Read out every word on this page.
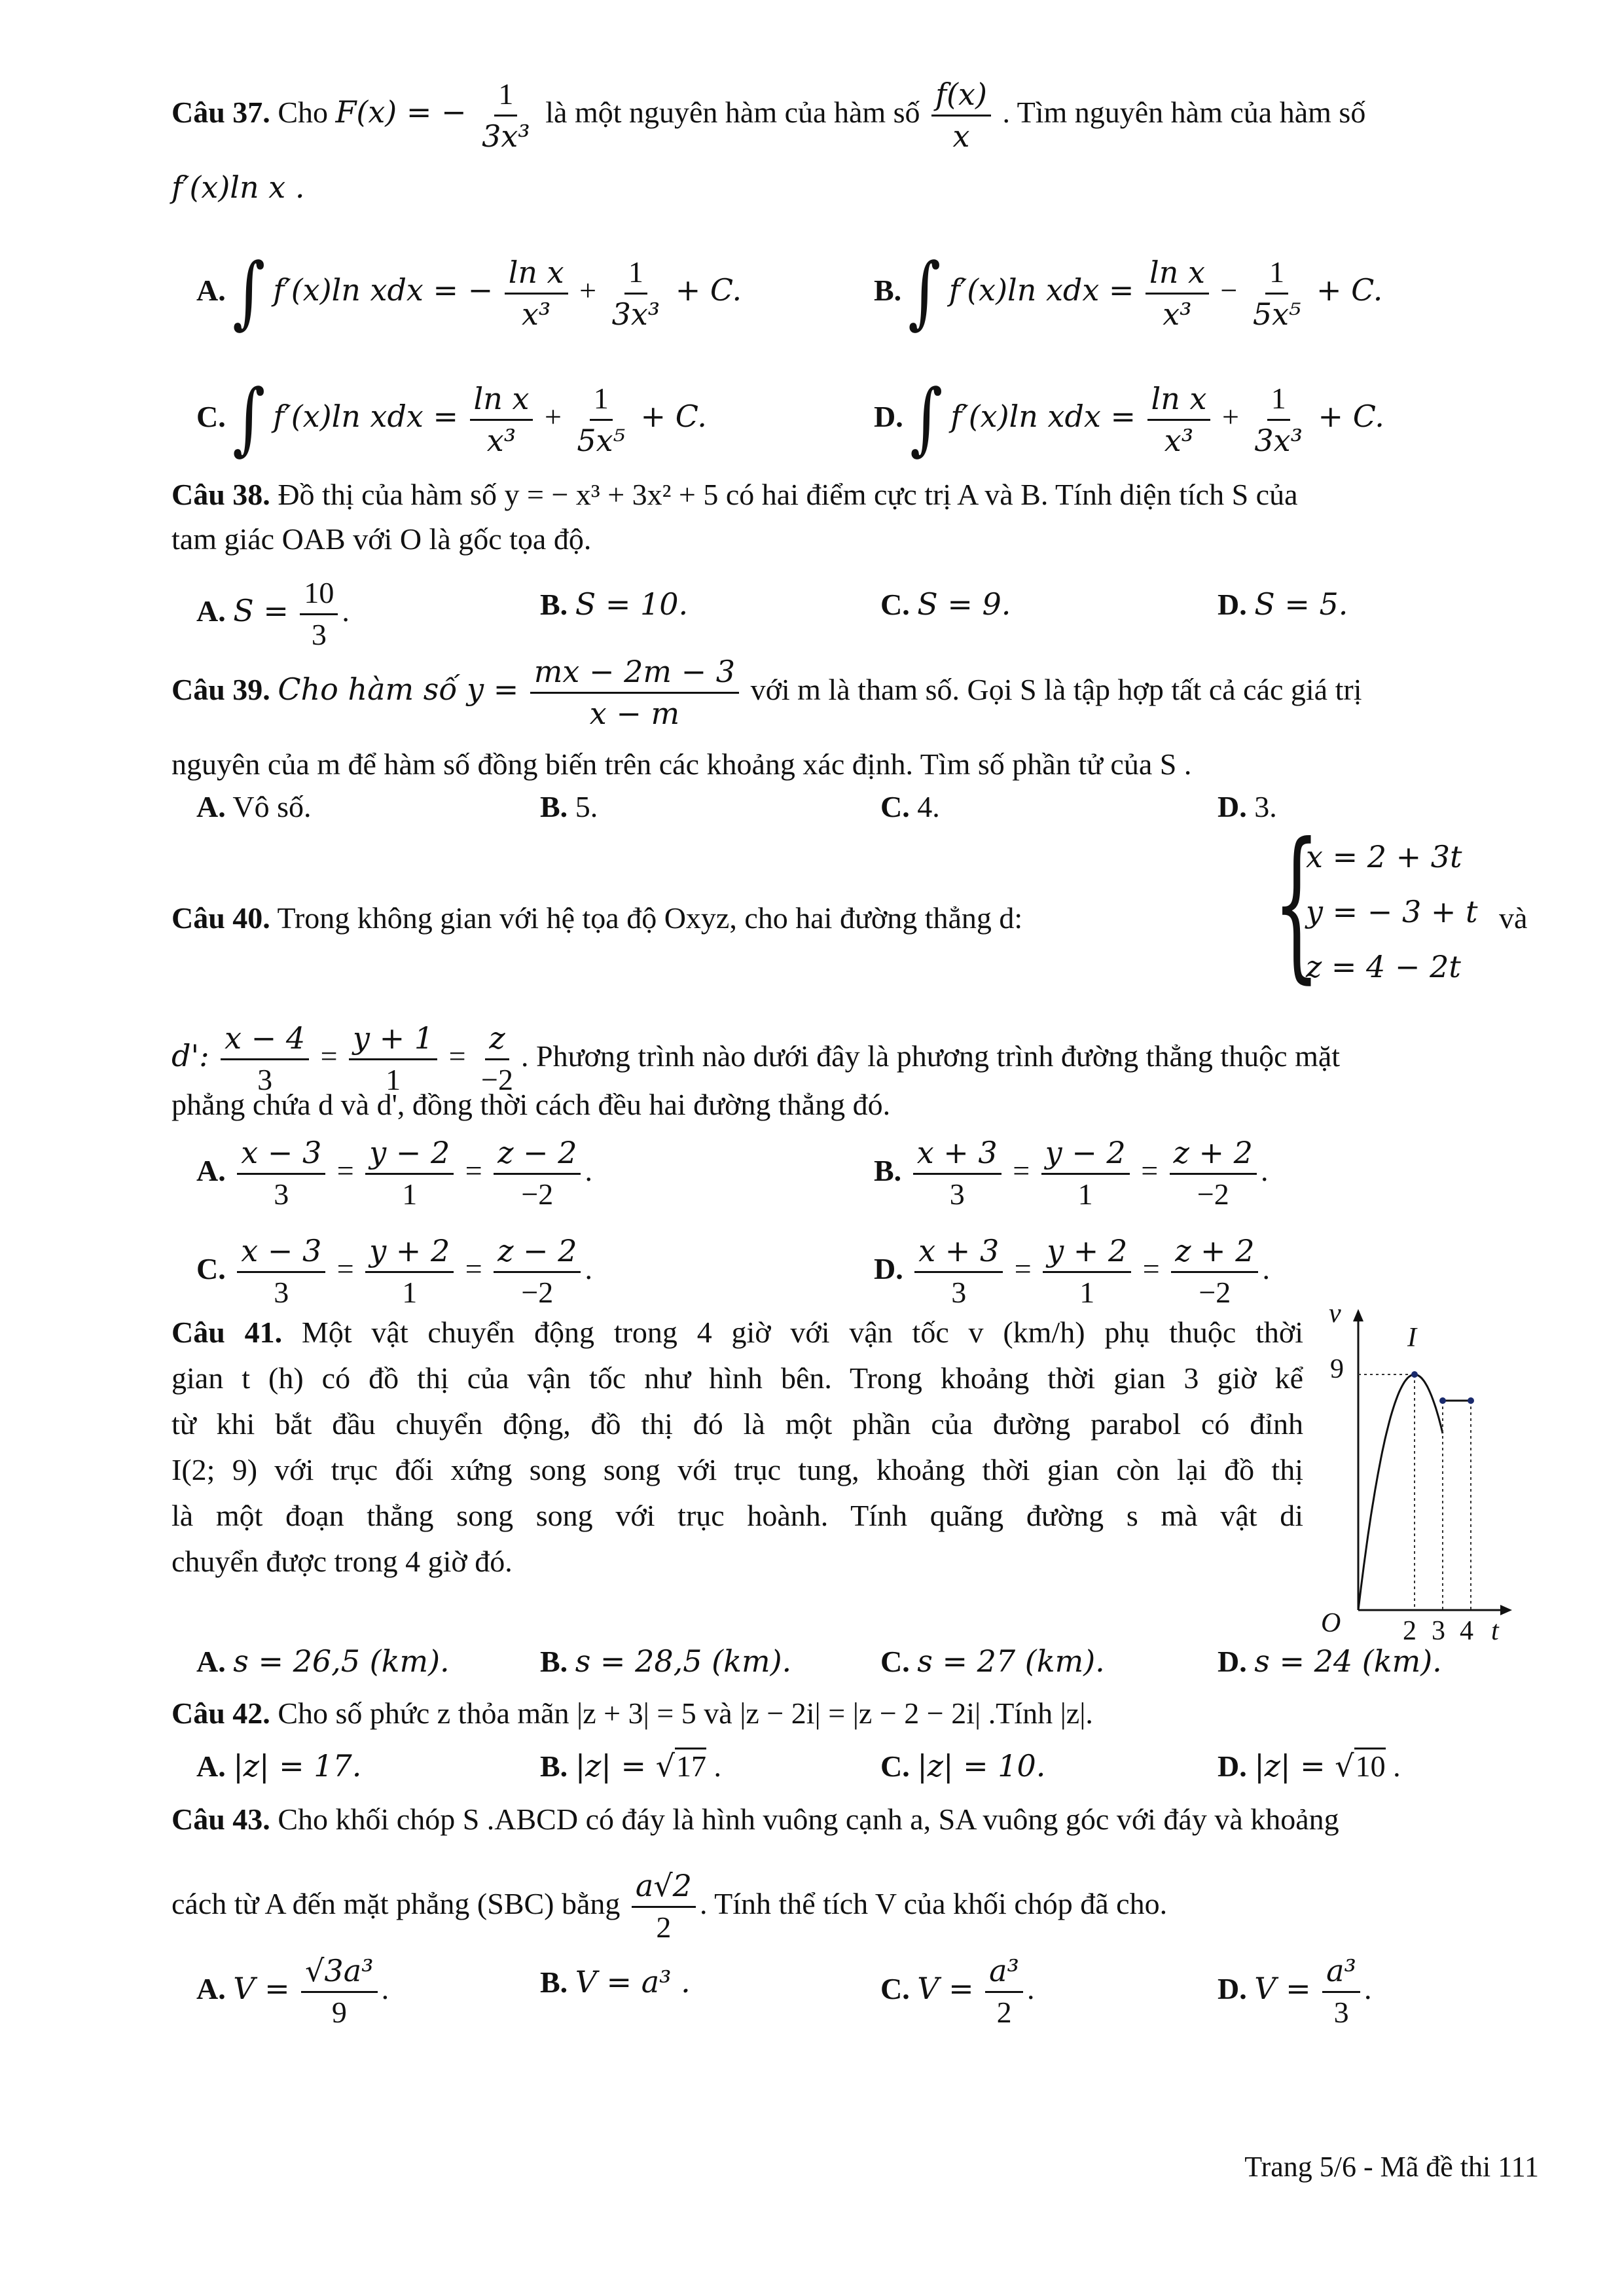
Câu 37. Cho F(x) = − $\frac{1}{\text{3x³}}$ là một nguyên hàm của hàm số $\frac{f(x)}{x}$ . Tìm nguyên hàm của hàm số
f′(x)ln x .
A.∫ f′(x)ln xdx = − $\frac{\text{ln x}}{\text{x³}} + \frac{1}{\text{3x³}} + C$.	B.∫ f′(x)ln xdx = $\frac{\text{ln x}}{\text{x³}} - \frac{1}{\text{5x⁵}} + C$.
C.∫ f′(x)ln xdx = $\frac{\text{ln x}}{\text{x³}} + \frac{1}{\text{5x⁵}} + C$.	D.∫ f′(x)ln xdx = $\frac{\text{ln x}}{\text{x³}} + \frac{1}{\text{3x³}} + C$.
Câu 38. Đồ thị của hàm số y = − x³ + 3x² + 5 có hai điểm cực trị A và B. Tính diện tích S của
tam giác OAB với O là gốc tọa độ.
A. $S = \frac{10}{3}$ .	B. S = 10.	C. S = 9.	D. S = 5.
Câu 39. Cho hàm số $y = \frac{mx - 2m - 3}{x - m}$ với m là tham số. Gọi S là tập hợp tất cả các giá trị
nguyên của m để hàm số đồng biến trên các khoảng xác định. Tìm số phần tử của S .
A. Vô số.	B. 5.	C. 4.	D. 3.
Câu 40. Trong không gian với hệ tọa độ Oxyz, cho hai đường thẳng d:	{
x = 2 + 3t
y = − 3 + t
z = 4 − 2t
và
d': $\frac{x - 4}{3} = \frac{y + 1}{1} = \frac{z}{-2}$ . Phương trình nào dưới đây là phương trình đường thẳng thuộc mặt
phẳng chứa d và d', đồng thời cách đều hai đường thẳng đó.
A. $\frac{x - 3}{3} = \frac{y - 2}{1} = \frac{z - 2}{-2}$ .	B. $\frac{x + 3}{3} = \frac{y - 2}{1} = \frac{z + 2}{-2}$ .
C. $\frac{x - 3}{3} = \frac{y + 2}{1} = \frac{z - 2}{-2}$ .	D. $\frac{x + 3}{3} = \frac{y + 2}{1} = \frac{z + 2}{-2}$ .
Câu 41. Một vật chuyển động trong 4 giờ với vận tốc v (km/h) phụ thuộc thời
gian t (h) có đồ thị của vận tốc như hình bên. Trong khoảng thời gian 3 giờ kể
từ khi bắt đầu chuyển động, đồ thị đó là một phần của đường parabol có đỉnh
I(2; 9) với trục đối xứng song song với trục tung, khoảng thời gian còn lại đồ thị
là một đoạn thẳng song song với trục hoành. Tính quãng đường s mà vật di
chuyển được trong 4 giờ đó.
v
t
O
I
9
2 3 4
A. s = 26,5 (km).	B. s = 28,5 (km).	C. s = 27 (km).	D. s = 24 (km).
Câu 42. Cho số phức z thỏa mãn |z + 3| = 5 và |z − 2i| = |z − 2 − 2i| .Tính |z|.
A. |z| = 17.	B. |z| = √17 .	C. |z| = 10.	D. |z| = √10 .
Câu 43. Cho khối chóp S .ABCD có đáy là hình vuông cạnh a, SA vuông góc với đáy và khoảng
cách từ A đến mặt phẳng (SBC) bằng $\frac{a√2}{2}$ . Tính thể tích V của khối chóp đã cho.
A. $V = \frac{\text{√3a³}}{9}$ .	B. V = a³ .	C. $V = \frac{\text{a³}}{2}$ .	D. $V = \frac{\text{a³}}{3}$ .
Trang 5/6 - Mã đề thi 111
